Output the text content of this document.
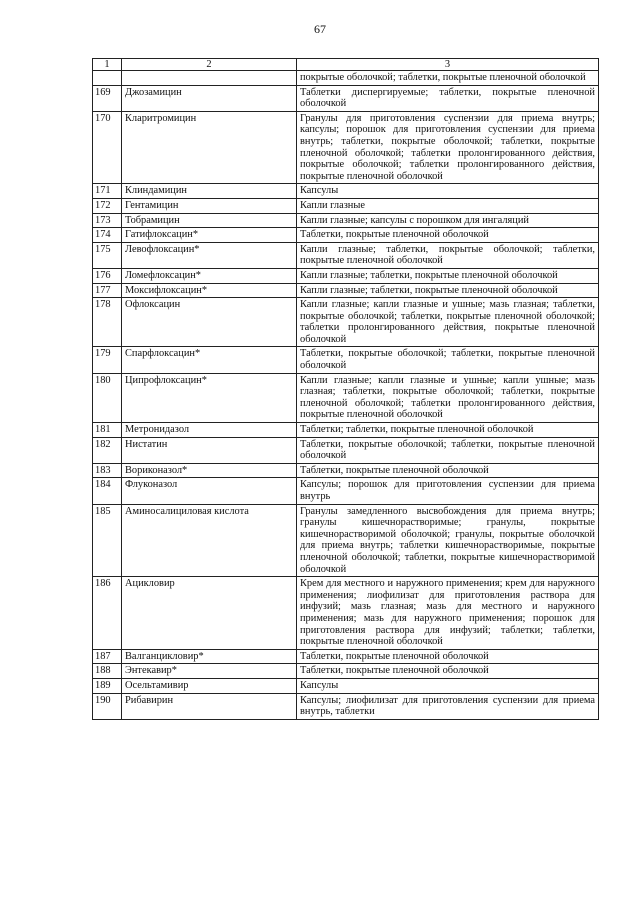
67
1	2	3
		покрытые оболочкой; таблетки, покрытые пленочной оболочкой
169	Джозамицин	Таблетки диспергируемые; таблетки, покрытые пленочной оболочкой
170	Кларитромицин	Гранулы для приготовления суспензии для приема внутрь; капсулы; порошок для приготовления суспензии для приема внутрь; таблетки, покрытые оболочкой; таблетки, покрытые пленочной оболочкой; таблетки пролонгированного действия, покрытые оболочкой; таблетки пролонгированного действия, покрытые пленочной оболочкой
171	Клиндамицин	Капсулы
172	Гентамицин	Капли глазные
173	Тобрамицин	Капли глазные; капсулы с порошком для ингаляций
174	Гатифлоксацин*	Таблетки, покрытые пленочной оболочкой
175	Левофлоксацин*	Капли глазные; таблетки, покрытые оболочкой; таблетки, покрытые пленочной оболочкой
176	Ломефлоксацин*	Капли глазные; таблетки, покрытые пленочной оболочкой
177	Моксифлоксацин*	Капли глазные; таблетки, покрытые пленочной оболочкой
178	Офлоксацин	Капли глазные; капли глазные и ушные; мазь глазная; таблетки, покрытые оболочкой; таблетки, покрытые пленочной оболочкой; таблетки пролонгированного действия, покрытые пленочной оболочкой
179	Спарфлоксацин*	Таблетки, покрытые оболочкой; таблетки, покрытые пленочной оболочкой
180	Ципрофлоксацин*	Капли глазные; капли глазные и ушные; капли ушные; мазь глазная; таблетки, покрытые оболочкой; таблетки, покрытые пленочной оболочкой; таблетки пролонгированного действия, покрытые пленочной оболочкой
181	Метронидазол	Таблетки; таблетки, покрытые пленочной оболочкой
182	Нистатин	Таблетки, покрытые оболочкой; таблетки, покрытые пленочной оболочкой
183	Вориконазол*	Таблетки, покрытые пленочной оболочкой
184	Флуконазол	Капсулы; порошок для приготовления суспензии для приема внутрь
185	Аминосалициловая кислота	Гранулы замедленного высвобождения для приема внутрь; гранулы кишечнорастворимые; гранулы, покрытые кишечнорастворимой оболочкой; гранулы, покрытые оболочкой для приема внутрь; таблетки кишечнорастворимые, покрытые пленочной оболочкой; таблетки, покрытые кишечнорастворимой оболочкой
186	Ацикловир	Крем для местного и наружного применения; крем для наружного применения; лиофилизат для приготовления раствора для инфузий; мазь глазная; мазь для местного и наружного применения; мазь для наружного применения; порошок для приготовления раствора для инфузий; таблетки; таблетки, покрытые пленочной оболочкой
187	Валганцикловир*	Таблетки, покрытые пленочной оболочкой
188	Энтекавир*	Таблетки, покрытые пленочной оболочкой
189	Осельтамивир	Капсулы
190	Рибавирин	Капсулы; лиофилизат для приготовления суспензии для приема внутрь, таблетки
